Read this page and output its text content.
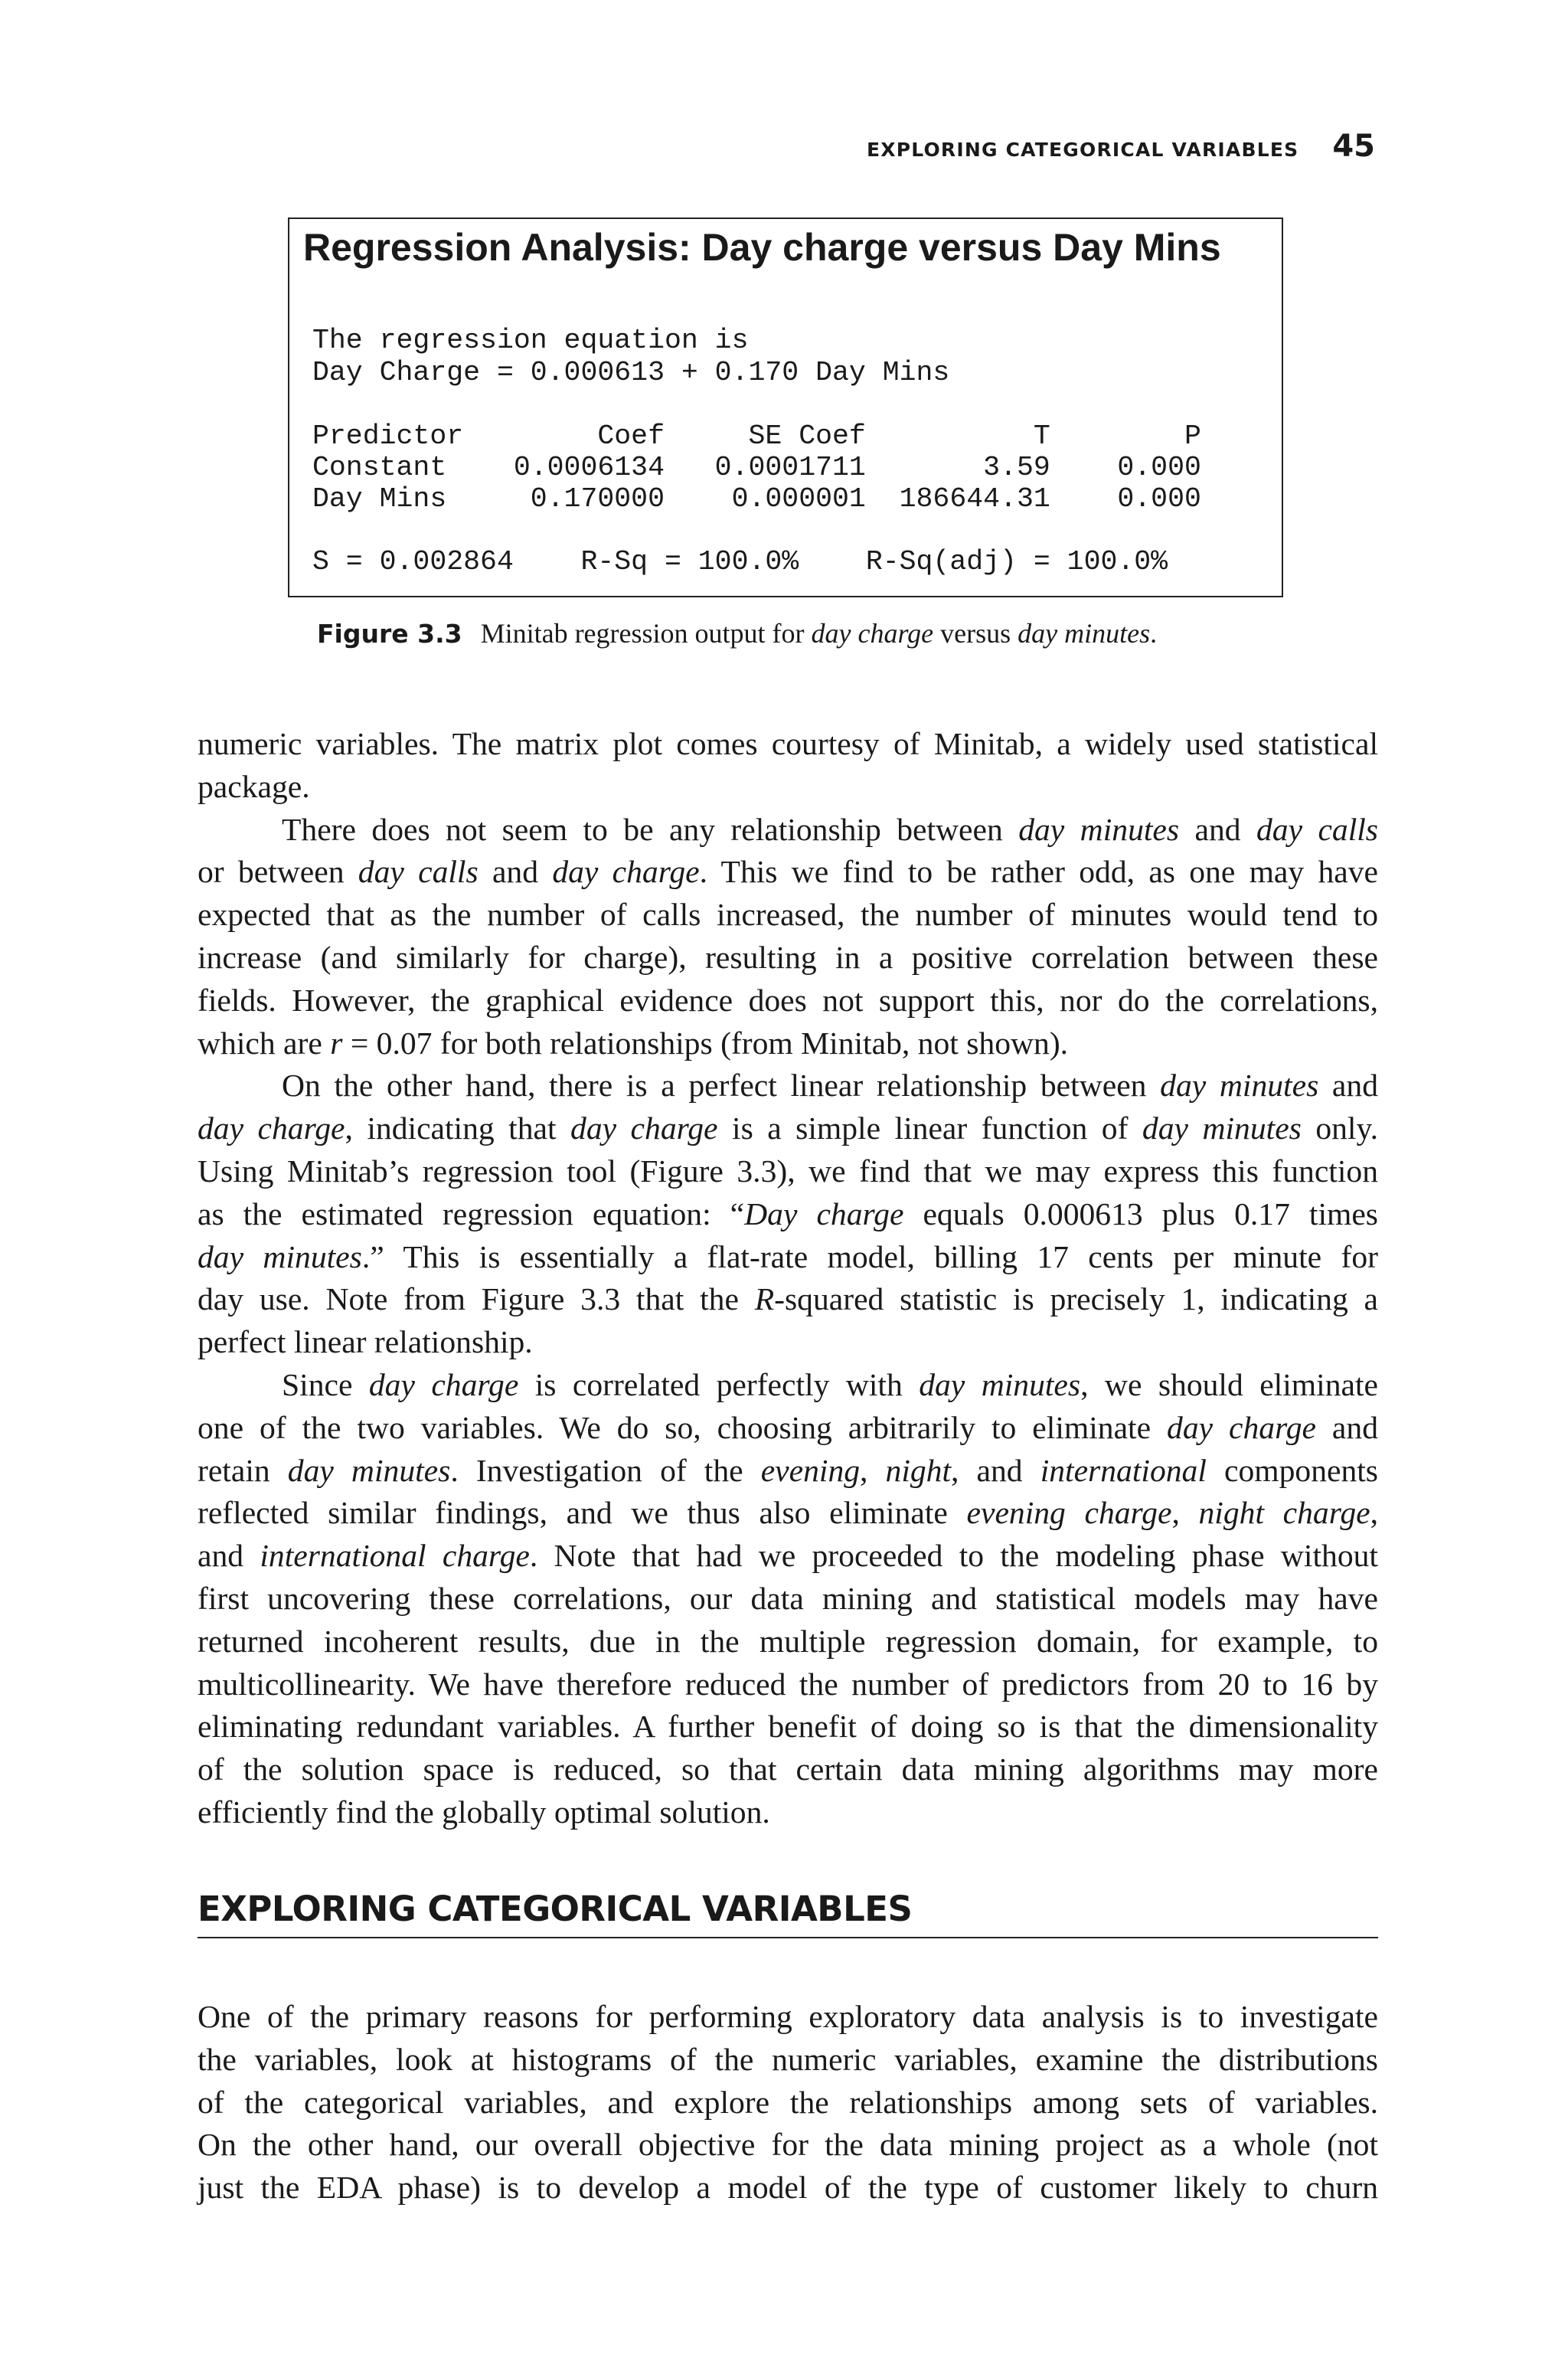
EXPLORING CATEGORICAL VARIABLES 45
Regression Analysis: Day charge versus Day Mins
The regression equation is
Day Charge = 0.000613 + 0.170 Day Mins
Predictor        Coef     SE Coef          T        P
Constant    0.0006134   0.0001711       3.59    0.000
Day Mins     0.170000    0.000001  186644.31    0.000
S = 0.002864    R-Sq = 100.0%    R-Sq(adj) = 100.0%
Figure 3.3 Minitab regression output for day charge versus day minutes.
numeric variables. The matrix plot comes courtesy of Minitab, a widely used statistical
package.
There does not seem to be any relationship between day minutes and day calls
or between day calls and day charge. This we find to be rather odd, as one may have
expected that as the number of calls increased, the number of minutes would tend to
increase (and similarly for charge), resulting in a positive correlation between these
fields. However, the graphical evidence does not support this, nor do the correlations,
which are r = 0.07 for both relationships (from Minitab, not shown).
On the other hand, there is a perfect linear relationship between day minutes and
day charge, indicating that day charge is a simple linear function of day minutes only.
Using Minitab’s regression tool (Figure 3.3), we find that we may express this function
as the estimated regression equation: “Day charge equals 0.000613 plus 0.17 times
day minutes.” This is essentially a flat-rate model, billing 17 cents per minute for
day use. Note from Figure 3.3 that the R-squared statistic is precisely 1, indicating a
perfect linear relationship.
Since day charge is correlated perfectly with day minutes, we should eliminate
one of the two variables. We do so, choosing arbitrarily to eliminate day charge and
retain day minutes. Investigation of the evening, night, and international components
reflected similar findings, and we thus also eliminate evening charge, night charge,
and international charge. Note that had we proceeded to the modeling phase without
first uncovering these correlations, our data mining and statistical models may have
returned incoherent results, due in the multiple regression domain, for example, to
multicollinearity. We have therefore reduced the number of predictors from 20 to 16 by
eliminating redundant variables. A further benefit of doing so is that the dimensionality
of the solution space is reduced, so that certain data mining algorithms may more
efficiently find the globally optimal solution.
EXPLORING CATEGORICAL VARIABLES
One of the primary reasons for performing exploratory data analysis is to investigate
the variables, look at histograms of the numeric variables, examine the distributions
of the categorical variables, and explore the relationships among sets of variables.
On the other hand, our overall objective for the data mining project as a whole (not
just the EDA phase) is to develop a model of the type of customer likely to churn
